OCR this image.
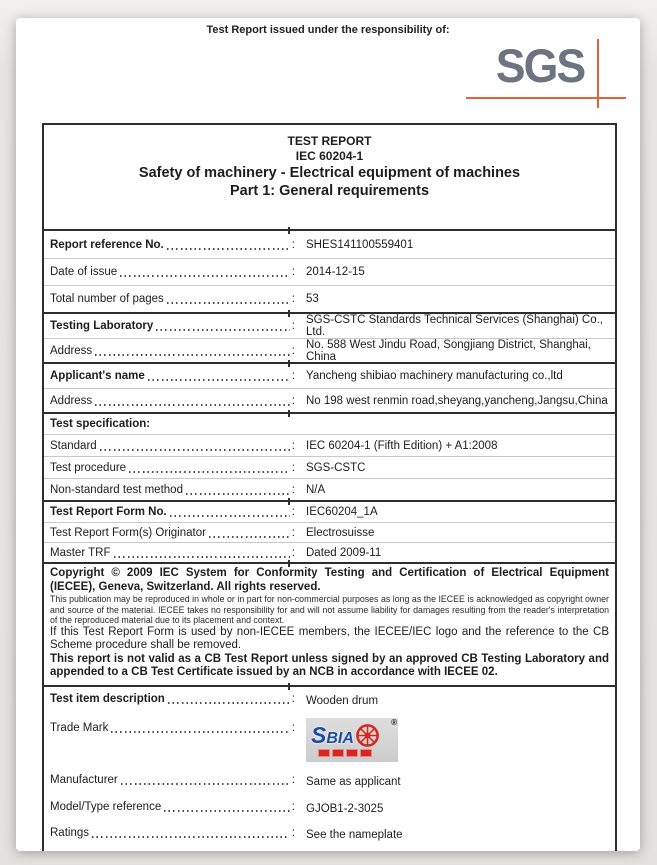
Test Report issued under the responsibility of:
SGS
TEST REPORT
IEC 60204-1
Safety of machinery - Electrical equipment of machines
Part 1: General requirements
Report reference No.	: SHES141100559401
Date of issue	: 2014-12-15
Total number of pages	: 53
Testing Laboratory	: SGS-CSTC Standards Technical Services (Shanghai) Co., Ltd.
Address	: No. 588 West Jindu Road, Songjiang District, Shanghai, China
Applicant's name	: Yancheng shibiao machinery manufacturing co.,ltd
Address	: No 198 west renmin road,sheyang,yancheng,Jangsu,China
Test specification:
Standard	: IEC 60204-1 (Fifth Edition) + A1:2008
Test procedure	: SGS-CSTC
Non-standard test method	: N/A
Test Report Form No.	: IEC60204_1A
Test Report Form(s) Originator	: Electrosuisse
Master TRF	: Dated 2009-11

Copyright © 2009 IEC System for Conformity Testing and Certification of Electrical Equipment (IECEE), Geneva, Switzerland. All rights reserved.

This publication may be reproduced in whole or in part for non-commercial purposes as long as the IECEE is acknowledged as copyright owner and source of the material. IECEE takes no responsibility for and will not assume liability for damages resulting from the reader's interpretation of the reproduced material due to its placement and context.

If this Test Report Form is used by non-IECEE members, the IECEE/IEC logo and the reference to the CB Scheme procedure shall be removed.

This report is not valid as a CB Test Report unless signed by an approved CB Testing Laboratory and appended to a CB Test Certificate issued by an NCB in accordance with IECEE 02.

Test item description	: Wooden drum
Trade Mark	:	®
SBIA
Manufacturer	: Same as applicant
Model/Type reference	: GJOB1-2-3025
Ratings	: See the nameplate
